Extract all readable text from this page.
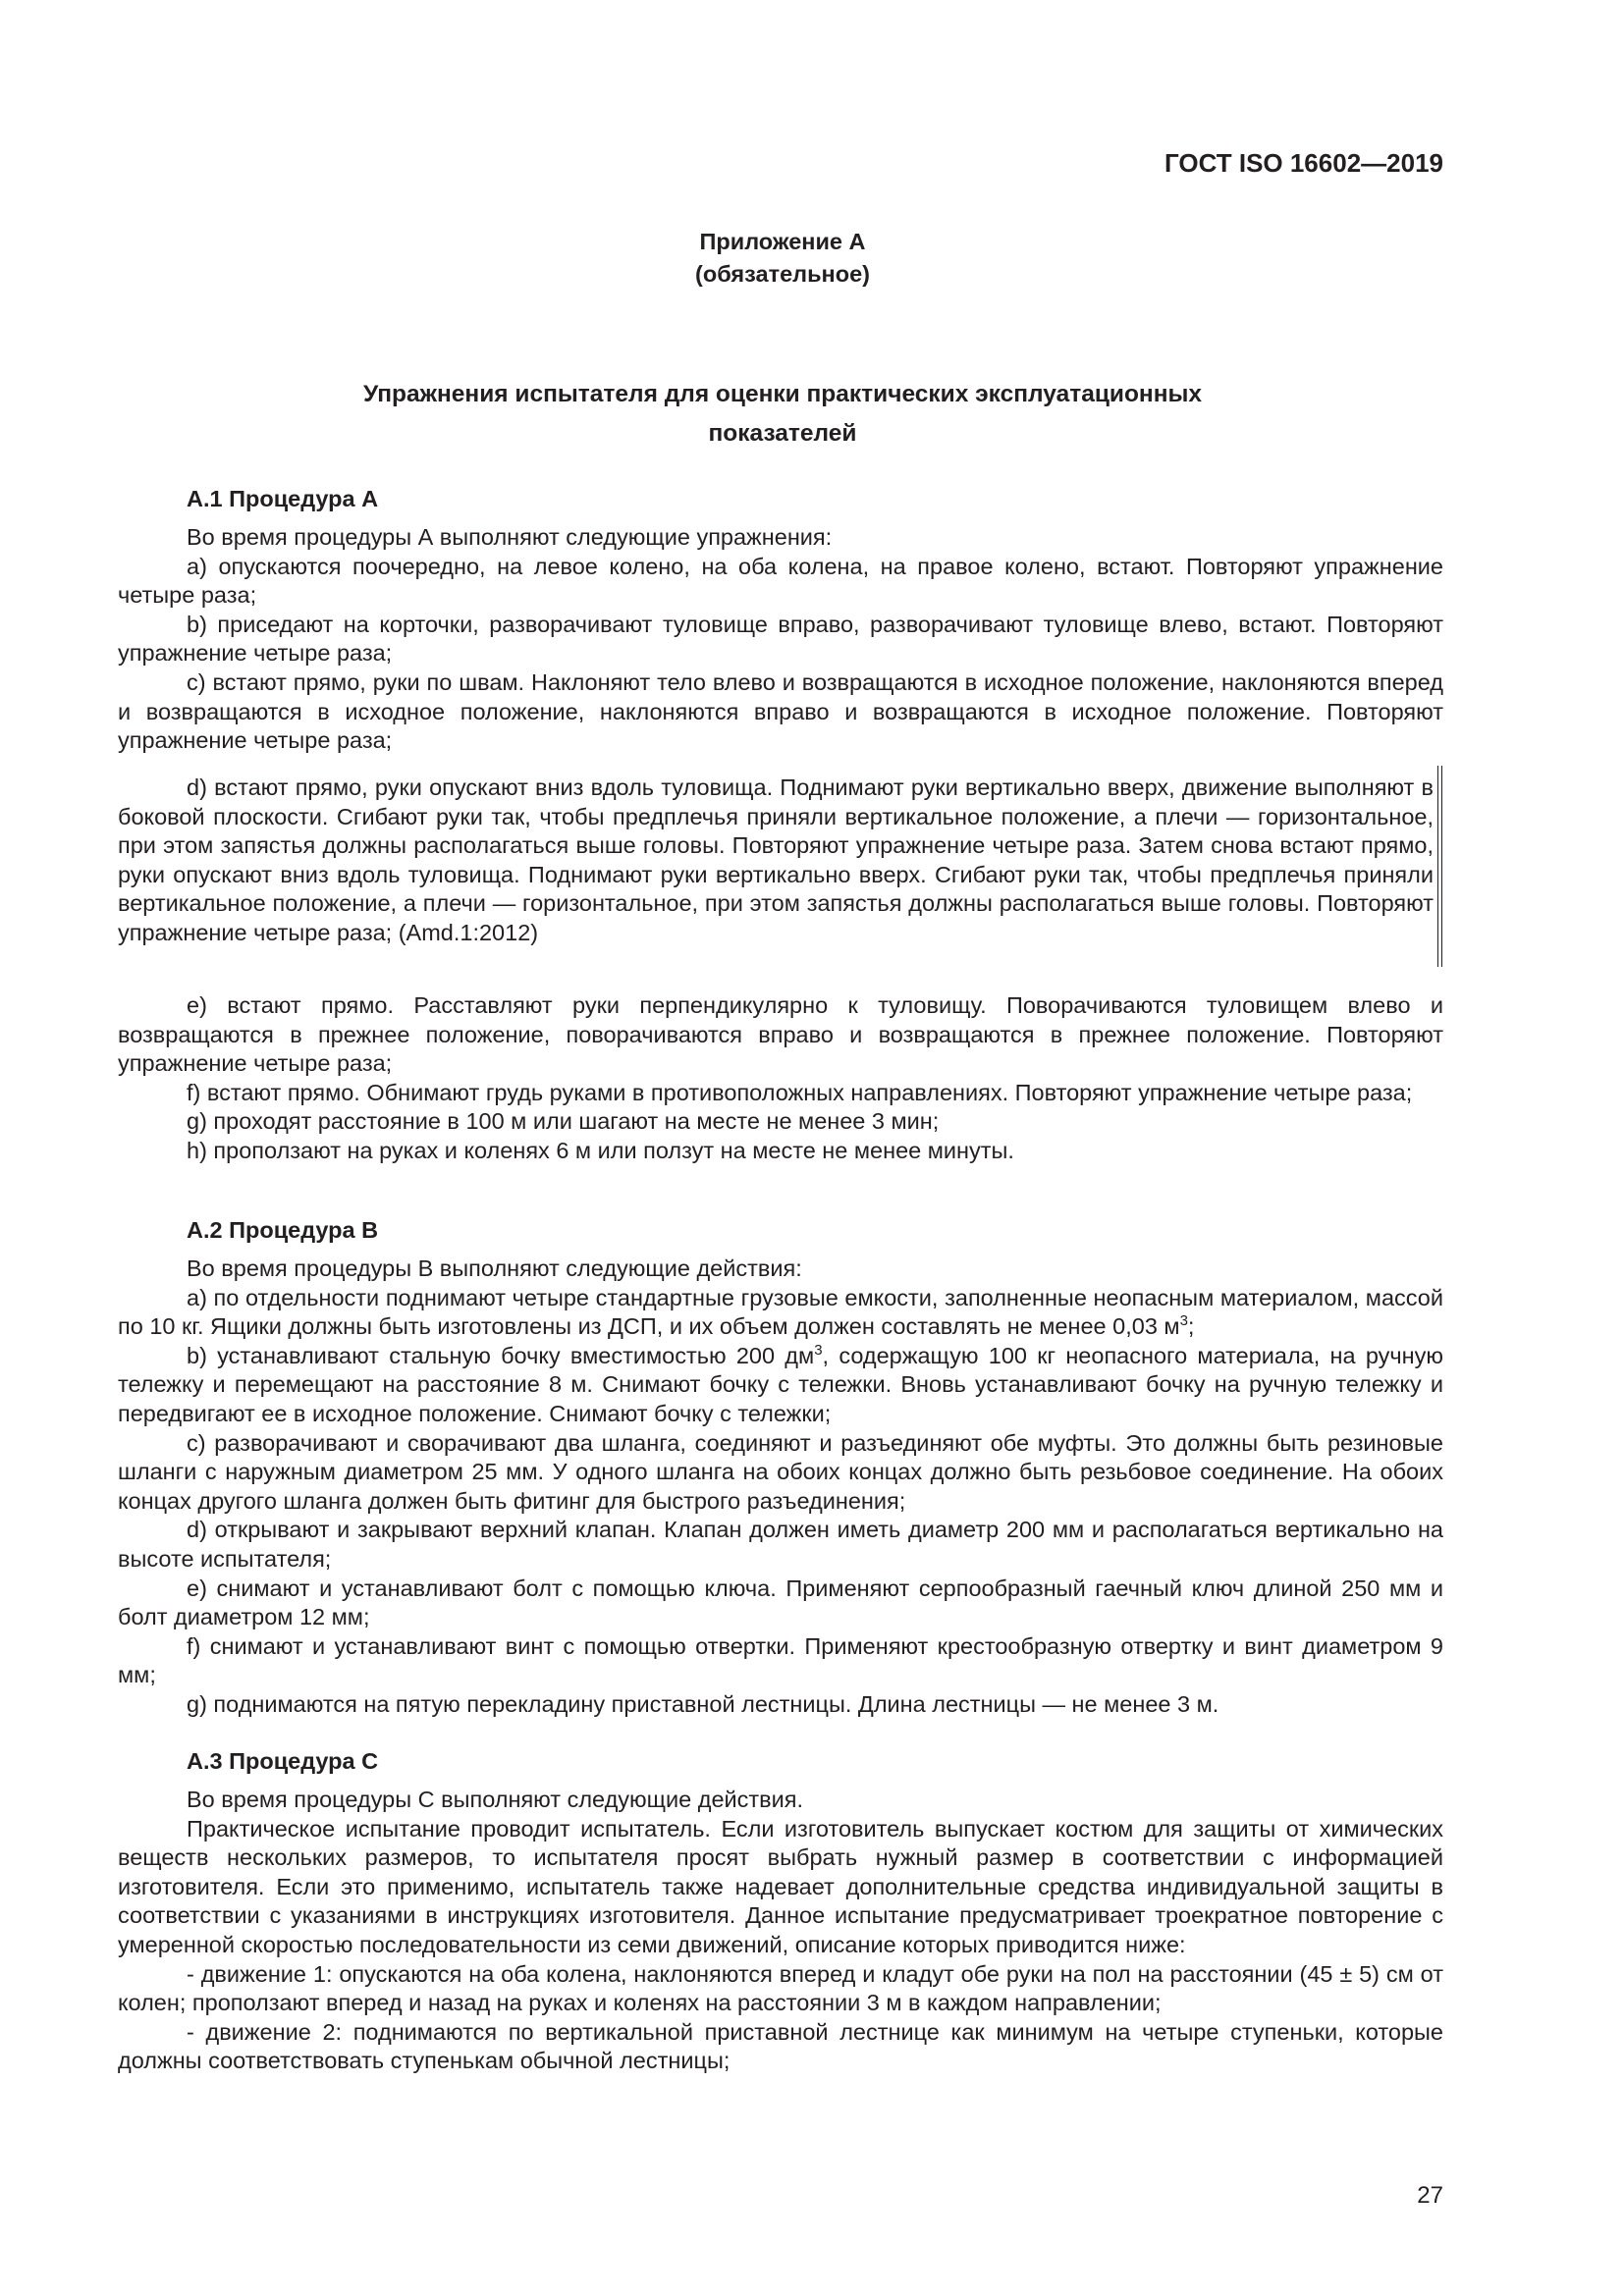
ГОСТ ISO 16602—2019
Приложение А
(обязательное)
Упражнения испытателя для оценки практических эксплуатационных
показателей

А.1 Процедура А

Во время процедуры А выполняют следующие упражнения:

а) опускаются поочередно, на левое колено, на оба колена, на правое колено, встают. Повторяют упражнение четыре раза;

b) приседают на корточки, разворачивают туловище вправо, разворачивают туловище влево, встают. Повторяют упражнение четыре раза;

с) встают прямо, руки по швам. Наклоняют тело влево и возвращаются в исходное положение, наклоняются вперед и возвращаются в исходное положение, наклоняются вправо и возвращаются в исходное положение. Повторяют упражнение четыре раза;

d) встают прямо, руки опускают вниз вдоль туловища. Поднимают руки вертикально вверх, движение выполняют в боковой плоскости. Сгибают руки так, чтобы предплечья приняли вертикальное положение, а плечи — горизонтальное, при этом запястья должны располагаться выше головы. Повторяют упражнение четыре раза. Затем снова встают прямо, руки опускают вниз вдоль туловища. Поднимают руки вертикально вверх. Сгибают руки так, чтобы предплечья приняли вертикальное положение, а плечи — горизонтальное, при этом запястья должны располагаться выше головы. Повторяют упражнение четыре раза; (Amd.1:2012)

е) встают прямо. Расставляют руки перпендикулярно к туловищу. Поворачиваются туловищем влево и возвращаются в прежнее положение, поворачиваются вправо и возвращаются в прежнее положение. Повторяют упражнение четыре раза;

f) встают прямо. Обнимают грудь руками в противоположных направлениях. Повторяют упражнение четыре раза;

g) проходят расстояние в 100 м или шагают на месте не менее 3 мин;

h) проползают на руках и коленях 6 м или ползут на месте не менее минуты.

А.2 Процедура В

Во время процедуры В выполняют следующие действия:

а) по отдельности поднимают четыре стандартные грузовые емкости, заполненные неопасным материалом, массой по 10 кг. Ящики должны быть изготовлены из ДСП, и их объем должен составлять не менее 0,03 $м^3$;

b) устанавливают стальную бочку вместимостью 200 $дм^3$, содержащую 100 кг неопасного материала, на ручную тележку и перемещают на расстояние 8 м. Снимают бочку с тележки. Вновь устанавливают бочку на ручную тележку и передвигают ее в исходное положение. Снимают бочку с тележки;

с) разворачивают и сворачивают два шланга, соединяют и разъединяют обе муфты. Это должны быть резиновые шланги с наружным диаметром 25 мм. У одного шланга на обоих концах должно быть резьбовое соединение. На обоих концах другого шланга должен быть фитинг для быстрого разъединения;

d) открывают и закрывают верхний клапан. Клапан должен иметь диаметр 200 мм и располагаться вертикально на высоте испытателя;

е) снимают и устанавливают болт с помощью ключа. Применяют серпообразный гаечный ключ длиной 250 мм и болт диаметром 12 мм;

f) снимают и устанавливают винт с помощью отвертки. Применяют крестообразную отвертку и винт диаметром 9 мм;

g) поднимаются на пятую перекладину приставной лестницы. Длина лестницы — не менее 3 м.

А.3 Процедура С

Во время процедуры С выполняют следующие действия.

Практическое испытание проводит испытатель. Если изготовитель выпускает костюм для защиты от химических веществ нескольких размеров, то испытателя просят выбрать нужный размер в соответствии с информацией изготовителя. Если это применимо, испытатель также надевает дополнительные средства индивидуальной защиты в соответствии с указаниями в инструкциях изготовителя. Данное испытание предусматривает троекратное повторение с умеренной скоростью последовательности из семи движений, описание которых приводится ниже:

- движение 1: опускаются на оба колена, наклоняются вперед и кладут обе руки на пол на расстоянии (45 ± 5) см от колен; проползают вперед и назад на руках и коленях на расстоянии 3 м в каждом направлении;

- движение 2: поднимаются по вертикальной приставной лестнице как минимум на четыре ступеньки, которые должны соответствовать ступенькам обычной лестницы;

27
